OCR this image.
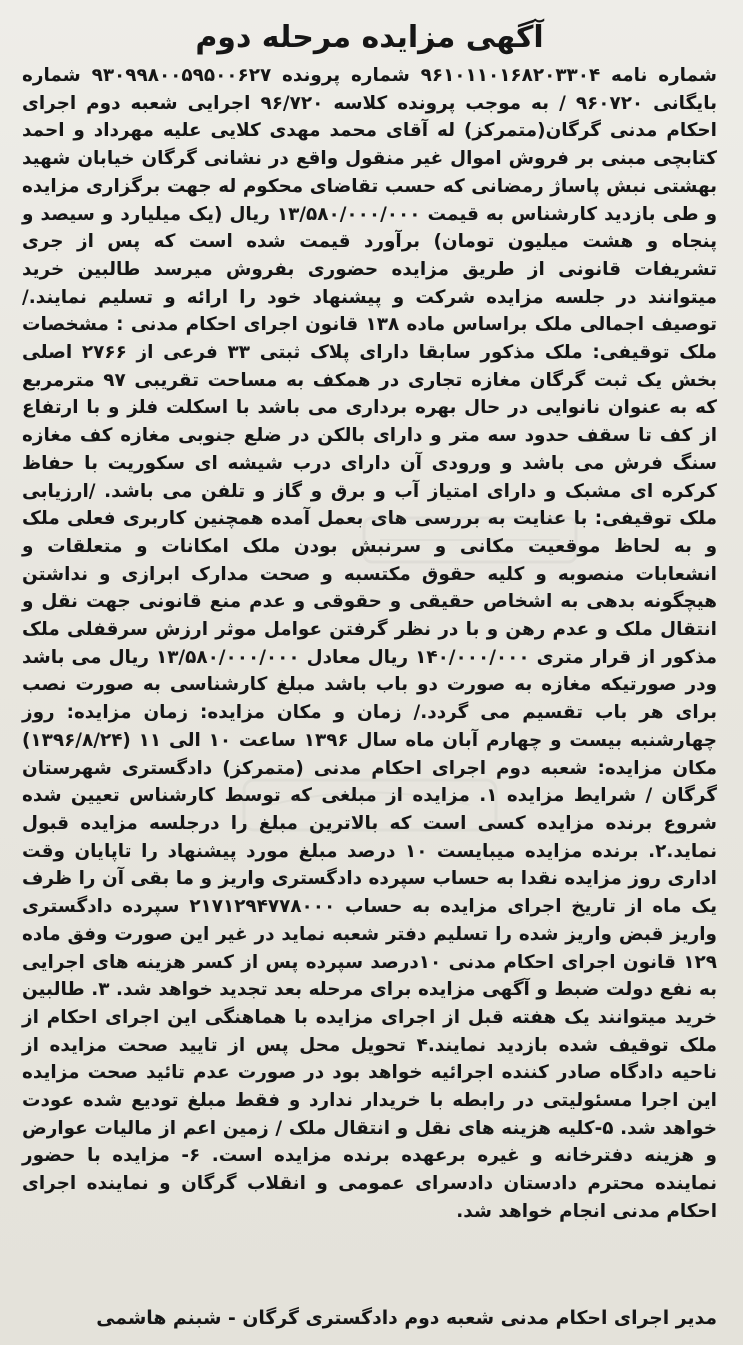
آگهی مزایده مرحله دوم

شماره نامه ۹۶۱۰۱۱۰۱۶۸۲۰۳۳۰۴ شماره پرونده ۹۳۰۹۹۸۰۰۵۹۵۰۰۶۲۷ شماره بایگانی ۹۶۰۷۲۰ / به موجب پرونده کلاسه ۹۶/۷۲۰ اجرایی شعبه دوم اجرای احکام مدنی گرگان(متمرکز) له آقای محمد مهدی کلایی علیه مهرداد و احمد کتابچی مبنی بر فروش اموال غیر منقول واقع در نشانی گرگان خیابان شهید بهشتی نبش پاساژ رمضانی که حسب تقاضای محکوم له جهت برگزاری مزایده و طی بازدید کارشناس به قیمت ۱۳/۵۸۰/۰۰۰/۰۰۰ ریال (یک میلیارد و سیصد و پنجاه و هشت میلیون تومان) برآورد قیمت شده است که پس از جری تشریفات قانونی از طریق مزایده حضوری بفروش میرسد طالبین خرید میتوانند در جلسه مزایده شرکت و پیشنهاد خود را ارائه و تسلیم نمایند./ توصیف اجمالی ملک براساس ماده ۱۳۸ قانون اجرای احکام مدنی : مشخصات ملک توقیفی: ملک مذکور سابقا دارای پلاک ثبتی ۳۳ فرعی از ۲۷۶۶ اصلی بخش یک ثبت گرگان مغازه تجاری در همکف به مساحت تقریبی ۹۷ مترمربع که به عنوان نانوایی در حال بهره برداری می باشد با اسکلت فلز و با ارتفاع از کف تا سقف حدود سه متر و دارای بالکن در ضلع جنوبی مغازه کف مغازه سنگ فرش می باشد و ورودی آن دارای درب شیشه ای سکوریت با حفاظ کرکره ای مشبک و دارای امتیاز آب و برق و گاز و تلفن می باشد. /ارزیابی ملک توقیفی: با عنایت به بررسی های بعمل آمده همچنین کاربری فعلی ملک و به لحاظ موقعیت مکانی و سرنبش بودن ملک امکانات و متعلقات و انشعابات منصوبه و کلیه حقوق مکتسبه و صحت مدارک ابرازی و نداشتن هیچگونه بدهی به اشخاص حقیقی و حقوقی و عدم منع قانونی جهت نقل و انتقال ملک و عدم رهن و با در نظر گرفتن عوامل موثر ارزش سرقفلی ملک مذکور از قرار متری ۱۴۰/۰۰۰/۰۰۰ ریال معادل ۱۳/۵۸۰/۰۰۰/۰۰۰ ریال می باشد ودر صورتیکه مغازه به صورت دو باب باشد مبلغ کارشناسی به صورت نصب برای هر باب تقسیم می گردد./ زمان و مکان مزایده: زمان مزایده: روز چهارشنبه بیست و چهارم آبان ماه سال ۱۳۹۶ ساعت ۱۰ الی ۱۱ (۱۳۹۶/۸/۲۴) مکان مزایده: شعبه دوم اجرای احکام مدنی (متمرکز) دادگستری شهرستان گرگان / شرایط مزایده ۱. مزایده از مبلغی که توسط کارشناس تعیین شده شروع برنده مزایده کسی است که بالاترین مبلغ را درجلسه مزایده قبول نماید.۲. برنده مزایده میبایست ۱۰ درصد مبلغ مورد پیشنهاد را تاپایان وقت اداری روز مزایده نقدا به حساب سپرده دادگستری واریز و ما بقی آن را ظرف یک ماه از تاریخ اجرای مزایده به حساب ۲۱۷۱۲۹۴۷۷۸۰۰۰ سپرده دادگستری واریز قبض واریز شده را تسلیم دفتر شعبه نماید در غیر این صورت وفق ماده ۱۲۹ قانون اجرای احکام مدنی ۱۰درصد سپرده پس از کسر هزینه های اجرایی به نفع دولت ضبط و آگهی مزایده برای مرحله بعد تجدید خواهد شد. ۳. طالبین خرید میتوانند یک هفته قبل از اجرای مزایده با هماهنگی این اجرای احکام از ملک توقیف شده بازدید نمایند.۴ تحویل محل پس از تایید صحت مزایده از ناحیه دادگاه صادر کننده اجرائیه خواهد بود در صورت عدم تائید صحت مزایده این اجرا مسئولیتی در رابطه با خریدار ندارد و فقط مبلغ تودیع شده عودت خواهد شد. ۵-کلیه هزینه های نقل و انتقال ملک / زمین اعم از مالیات عوارض و هزینه دفترخانه و غیره برعهده برنده مزایده است. ۶- مزایده با حضور نماینده محترم دادستان دادسرای عمومی و انقلاب گرگان و نماینده اجرای احکام مدنی انجام خواهد شد.

مدیر اجرای احکام مدنی شعبه دوم دادگستری گرگان - شبنم هاشمی
